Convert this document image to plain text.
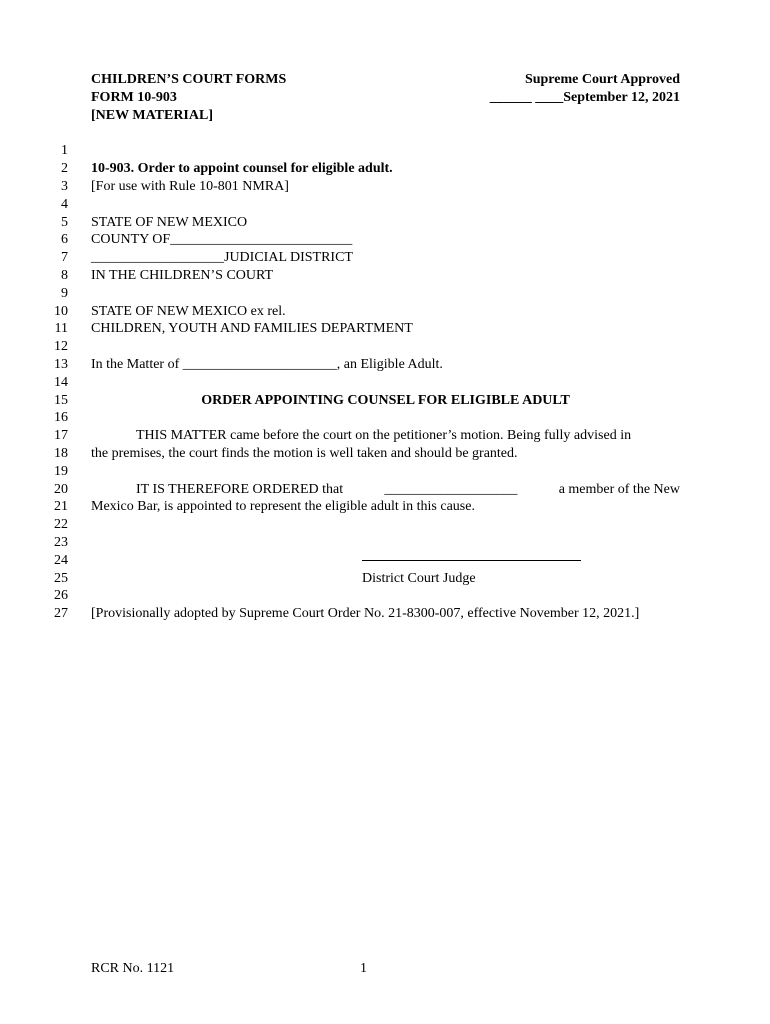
CHILDREN’S COURT FORMS
FORM 10-903
[NEW MATERIAL]
Supreme Court Approved
______ ____September 12, 2021
1
2
3
4
5
6
7
8
9
10
11
12
13
14
15
16
17
18
19
20
21
22
23
24
25
26
27
10-903. Order to appoint counsel for eligible adult.
[For use with Rule 10-801 NMRA]
STATE OF NEW MEXICO
COUNTY OF__________________________
___________________JUDICIAL DISTRICT
IN THE CHILDREN’S COURT
STATE OF NEW MEXICO ex rel.
CHILDREN, YOUTH AND FAMILIES DEPARTMENT
In the Matter of ______________________, an Eligible Adult.
ORDER APPOINTING COUNSEL FOR ELIGIBLE ADULT
THIS MATTER came before the court on the petitioner’s motion. Being fully advised in
the premises, the court finds the motion is well taken and should be granted.
IT IS THEREFORE ORDERED that	___________________	a member of the New
Mexico Bar, is appointed to represent the eligible adult in this cause.
District Court Judge
[Provisionally adopted by Supreme Court Order No. 21-8300-007, effective November 12, 2021.]
RCR No. 1121	1
